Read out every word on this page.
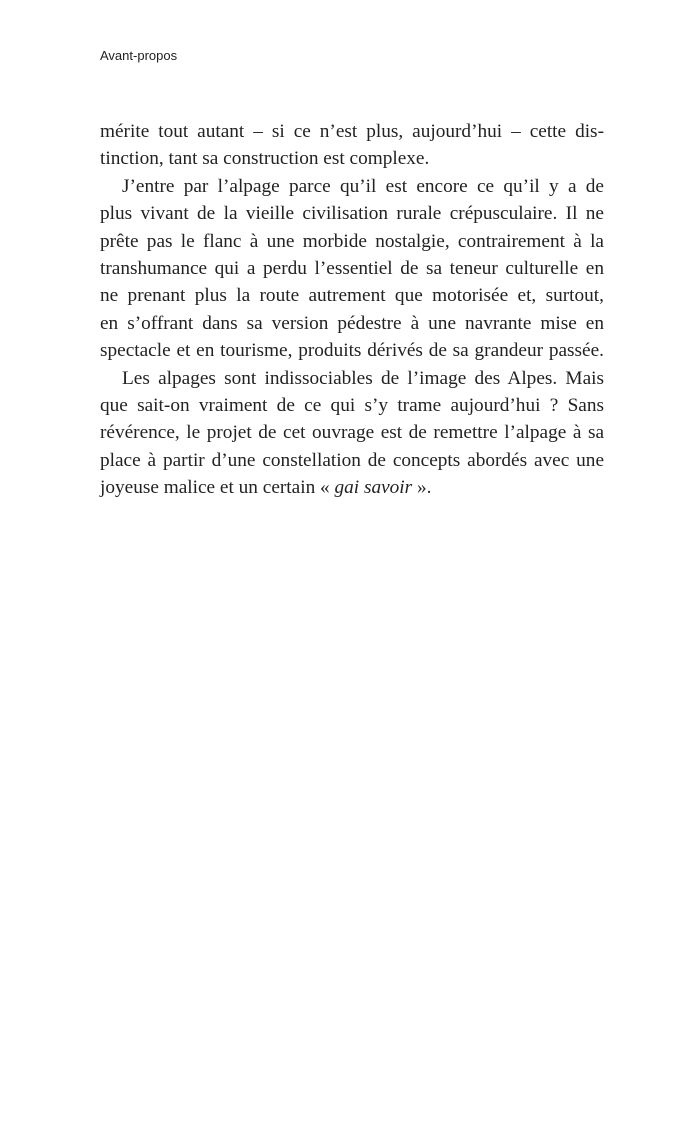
Avant-propos
mérite tout autant – si ce n’est plus, aujourd’hui – cette dis-
tinction, tant sa construction est complexe.
J’entre par l’alpage parce qu’il est encore ce qu’il y a de
plus vivant de la vieille civilisation rurale crépusculaire. Il ne
prête pas le flanc à une morbide nostalgie, contrairement à la
transhumance qui a perdu l’essentiel de sa teneur culturelle en
ne prenant plus la route autrement que motorisée et, surtout,
en s’offrant dans sa version pédestre à une navrante mise en
spectacle et en tourisme, produits dérivés de sa grandeur passée.
Les alpages sont indissociables de l’image des Alpes. Mais
que sait-on vraiment de ce qui s’y trame aujourd’hui ? Sans
révérence, le projet de cet ouvrage est de remettre l’alpage à sa
place à partir d’une constellation de concepts abordés avec une
joyeuse malice et un certain « gai savoir ».
